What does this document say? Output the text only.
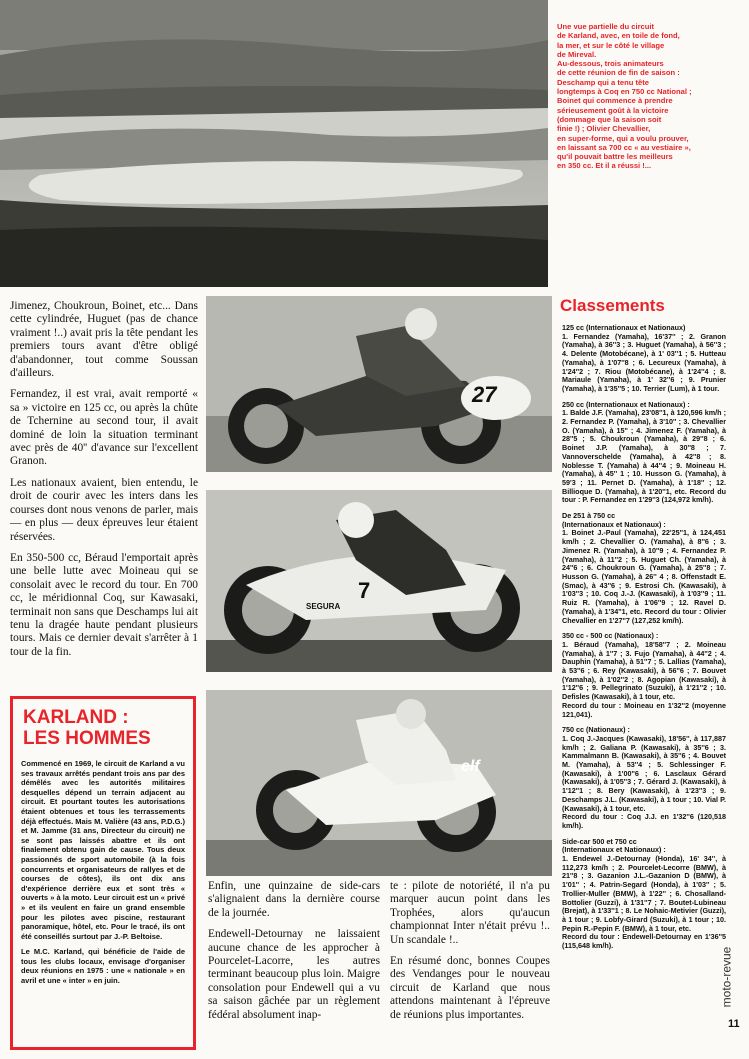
Une vue partielle du circuit
de Karland, avec, en toile de fond,
la mer, et sur le côté le village
de Mireval.
Au-dessous, trois animateurs
de cette réunion de fin de saison :
Deschamp qui a tenu tête
longtemps à Coq en 750 cc National ;
Boinet qui commence à prendre
sérieusement goût à la victoire
(dommage que la saison soit
finie !) ; Olivier Chevallier,
en super-forme, qui a voulu prouver,
en laissant sa 700 cc « au vestiaire »,
qu'il pouvait battre les meilleurs
en 350 cc. Et il a réussi !...

Jimenez, Choukroun, Boinet, etc... Dans cette cylindrée, Huguet (pas de chance vraiment !..) avait pris la tête pendant les premiers tours avant d'être obligé d'abandonner, tout comme Soussan d'ailleurs.

Fernandez, il est vrai, avait remporté « sa » victoire en 125 cc, ou après la chûte de Tchernine au second tour, il avait dominé de loin la situation terminant avec près de 40'' d'avance sur l'excellent Granon.

Les nationaux avaient, bien entendu, le droit de courir avec les inters dans les courses dont nous venons de parler, mais — en plus — deux épreuves leur étaient réservées.

En 350-500 cc, Béraud l'emportait après une belle lutte avec Moineau qui se consolait avec le record du tour. En 700 cc, le méridionnal Coq, sur Kawasaki, terminait non sans que Deschamps lui ait tenu la dragée haute pendant plusieurs tours. Mais ce dernier devait s'arrêter à 1 tour de la fin.

27
7
SEGURA
elf
KARLAND :
LES HOMMES

Commencé en 1969, le circuit de Karland a vu ses travaux arrêtés pendant trois ans par des démêlés avec les autorités militaires desquelles dépend un terrain adjacent au circuit. Et pourtant toutes les autorisations étaient obtenues et tous les terrassements déjà effectués. Mais M. Valière (43 ans, P.D.G.) et M. Jamme (31 ans, Directeur du circuit) ne se sont pas laissés abattre et ils ont finalement obtenu gain de cause. Tous deux passionnés de sport automobile (à la fois concurrents et organisateurs de rallyes et de courses de côtes), ils ont dix ans d'expérience derrière eux et sont très « ouverts » à la moto. Leur circuit est un « privé » et ils veulent en faire un grand ensemble pour les pilotes avec piscine, restaurant panoramique, hôtel, etc. Pour le tracé, ils ont été conseillés surtout par J.-P. Beltoise.

Le M.C. Karland, qui bénéficie de l'aide de tous les clubs locaux, envisage d'organiser deux réunions en 1975 : une « nationale » en avril et une « inter » en juin.

Enfin, une quinzaine de side-cars s'alignaient dans la dernière course de la journée.

Endewell-Detournay ne laissaient aucune chance de les approcher à Pourcelet-Lacorre, les autres terminant beaucoup plus loin. Maigre consolation pour Endewell qui a vu sa saison gâchée par un règlement fédéral absolument inap-

te : pilote de notoriété, il n'a pu marquer aucun point dans les Trophées, alors qu'aucun championnat Inter n'était prévu !.. Un scandale !..

En résumé donc, bonnes Coupes des Vendanges pour le nouveau circuit de Karland que nous attendons maintenant à l'épreuve de réunions plus importantes.

Classements
125 cc (Internationaux et Nationaux)
1. Fernandez (Yamaha), 16'37'' ; 2. Granon (Yamaha), à 36''3 ; 3. Huguet (Yamaha), à 56''3 ; 4. Delente (Motobécane), à 1' 03''1 ; 5. Hutteau (Yamaha), à 1'07''8 ; 6. Lecureux (Yamaha), à 1'24''2 ; 7. Riou (Motobécane), à 1'24''4 ; 8. Mariaule (Yamaha), à 1' 32''6 ; 9. Prunier (Yamaha), à 1'35''5 ; 10. Terrier (Lum), à 1 tour.
250 cc (Internationaux et Nationaux) :
1. Balde J.F. (Yamaha), 23'08''1, à 120,596 km/h ; 2. Fernandez P. (Yamaha), à 3'10'' ; 3. Chevallier O. (Yamaha), à 15'' ; 4. Jimenez F. (Yamaha), à 28''5 ; 5. Choukroun (Yamaha), à 29''8 ; 6. Boinet J.P. (Yamaha), à 30''8 ; 7. Vannoverschelde (Yamaha), à 42''8 ; 8. Noblesse T. (Yamaha) à 44''4 ; 9. Moineau H. (Yamaha), à 45'' 1 ; 10. Husson G. (Yamaha), à 59'3 ; 11. Pernet D. (Yamaha), à 1'18'' ; 12. Billioque D. (Yamaha), à 1'20''1, etc. Record du tour : P. Fernandez en 1'29''3 (124,972 km/h).
De 251 à 750 cc
(Internationaux et Nationaux) :
1. Boinet J.-Paul (Yamaha), 22'25''1, à 124,451 km/h ; 2. Chevallier O. (Yamaha), à 8''6 ; 3. Jimenez R. (Yamaha), à 10''9 ; 4. Fernandez P. (Yamaha), à 11''2 ; 5. Huguet Ch. (Yamaha), à 24''6 ; 6. Choukroun G. (Yamaha), à 25''8 ; 7. Husson G. (Yamaha), à 26'' 4 ; 8. Offenstadt E. (Smac), à 43''6 ; 9. Estrosi Ch. (Kawasaki), à 1'03''3 ; 10. Coq J.-J. (Kawasaki), à 1'03''9 ; 11. Ruiz R. (Yamaha), à 1'06''9 ; 12. Ravel D. (Yamaha), à 1'34''1, etc. Record du tour : Olivier Chevallier en 1'27''7 (127,252 km/h).
350 cc - 500 cc (Nationaux) :
1. Béraud (Yamaha), 18'58''7 ; 2. Moineau (Yamaha), à 1''7 ; 3. Fujo (Yamaha), à 44''2 ; 4. Dauphin (Yamaha), à 51''7 ; 5. Lallias (Yamaha), à 53''6 ; 6. Rey (Kawasaki), à 56''6 ; 7. Bouvet (Yamaha), à 1'02''2 ; 8. Agopian (Kawasaki), à 1'12''6 ; 9. Pellegrinato (Suzuki), à 1'21''2 ; 10. Defisles (Kawasaki), à 1 tour, etc.
Record du tour : Moineau en 1'32''2 (moyenne 121,041).
750 cc (Nationaux) :
1. Coq J.-Jacques (Kawasaki), 18'56'', à 117,887 km/h ; 2. Galiana P. (Kawasaki), à 35''6 ; 3. Kammalmann B. (Kawasaki), à 35''6 ; 4. Bouvet M. (Yamaha), à 53''4 ; 5. Schlessinger F. (Kawasaki), à 1'00''6 ; 6. Lasclaux Gérard (Kawasaki), à 1'05''3 ; 7. Gérard J. (Kawasaki), à 1'12''1 ; 8. Bery (Kawasaki), à 1'23''3 ; 9. Deschamps J.L. (Kawasaki), à 1 tour ; 10. Vial P. (Kawasaki), à 1 tour, etc.
Record du tour : Coq J.J. en 1'32''6 (120,518 km/h).
Side-car 500 et 750 cc
(Internationaux et Nationaux) :
1. Endewel J.-Detournay (Honda), 16' 34'', à 112,273 km/h ; 2. Pourcelet-Lecorre (BMW), à 21''8 ; 3. Gazanion J.L.-Gazanion D (BMW), à 1'01'' ; 4. Patrin-Segard (Honda), à 1'03'' ; 5. Trollier-Muller (BMW), à 1'22'' ; 6. Chosalland-Bottolier (Guzzi), à 1'31''7 ; 7. Boutet-Lubineau (Brejat), à 1'33''1 ; 8. Le Nohaic-Metivier (Guzzi), à 1 tour ; 9. Lobfy-Girard (Suzuki), à 1 tour ; 10. Pepin R.-Pepin F. (BMW), à 1 tour, etc.
Record du tour : Endewell-Detournay en 1'36''5 (115,648 km/h).
moto-revue
11
